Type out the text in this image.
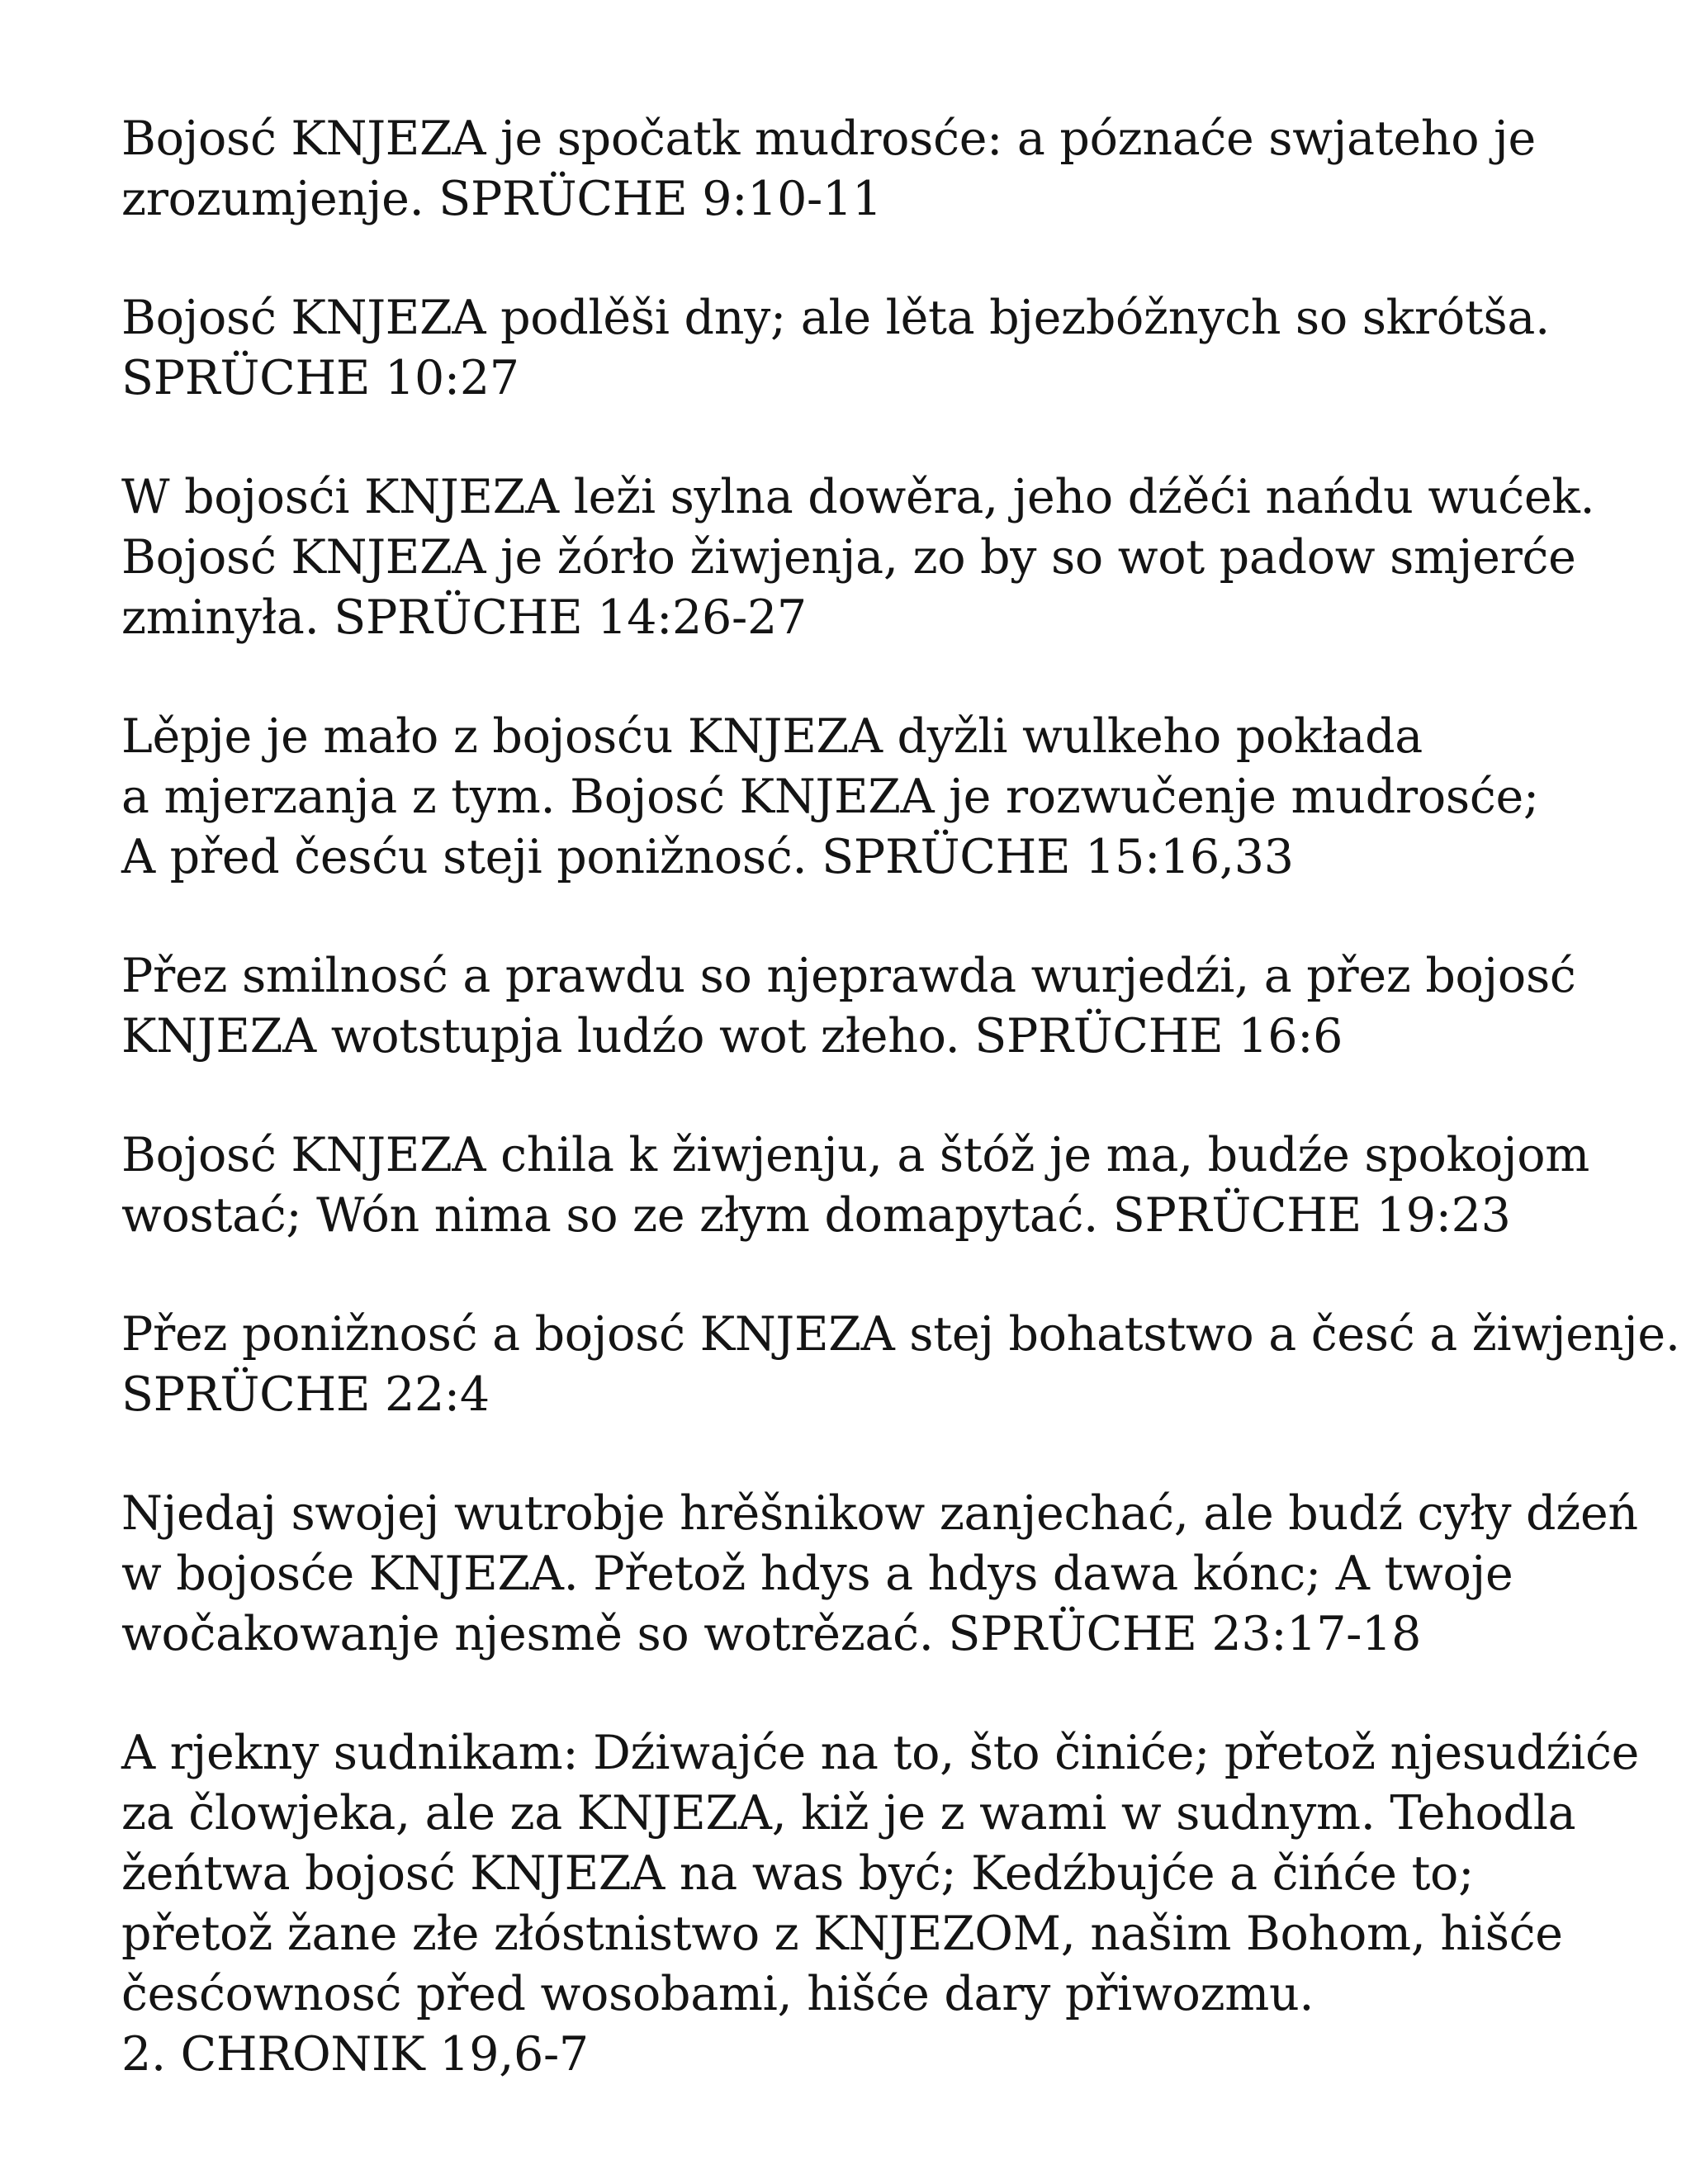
Bojosć KNJEZA je spočatk mudrosće: a póznaće swjateho je
zrozumjenje. SPRÜCHE 9:10-11

Bojosć KNJEZA podlěši dny; ale lěta bjezbóžnych so skrótša.
SPRÜCHE 10:27

W bojosći KNJEZA leži sylna dowěra, jeho dźěći nańdu wućek.
Bojosć KNJEZA je žórło žiwjenja, zo by so wot padow smjerće
zminyła. SPRÜCHE 14:26-27

Lěpje je mało z bojosću KNJEZA dyžli wulkeho pokłada
a mjerzanja z tym. Bojosć KNJEZA je rozwučenje mudrosće;
A před česću steji ponižnosć. SPRÜCHE 15:16,33

Přez smilnosć a prawdu so njeprawda wurjedźi, a přez bojosć
KNJEZA wotstupja ludźo wot złeho. SPRÜCHE 16:6

Bojosć KNJEZA chila k žiwjenju, a štóž je ma, budźe spokojom
wostać; Wón nima so ze złym domapytać. SPRÜCHE 19:23

Přez ponižnosć a bojosć KNJEZA stej bohatstwo a česć a žiwjenje.
SPRÜCHE 22:4

Njedaj swojej wutrobje hrěšnikow zanjechać, ale budź cyły dźeń
w bojosće KNJEZA. Přetož hdys a hdys dawa kónc; A twoje
wočakowanje njesmě so wotrězać. SPRÜCHE 23:17-18

A rjekny sudnikam: Dźiwajće na to, što činiće; přetož njesudźiće
za člowjeka, ale za KNJEZA, kiž je z wami w sudnym. Tehodla
žeńtwa bojosć KNJEZA na was być; Kedźbujće a čińće to;
přetož žane złe złóstnistwo z KNJEZOM, našim Bohom, hišće
česćownosć před wosobami, hišće dary přiwozmu.
2. CHRONIK 19,6-7
